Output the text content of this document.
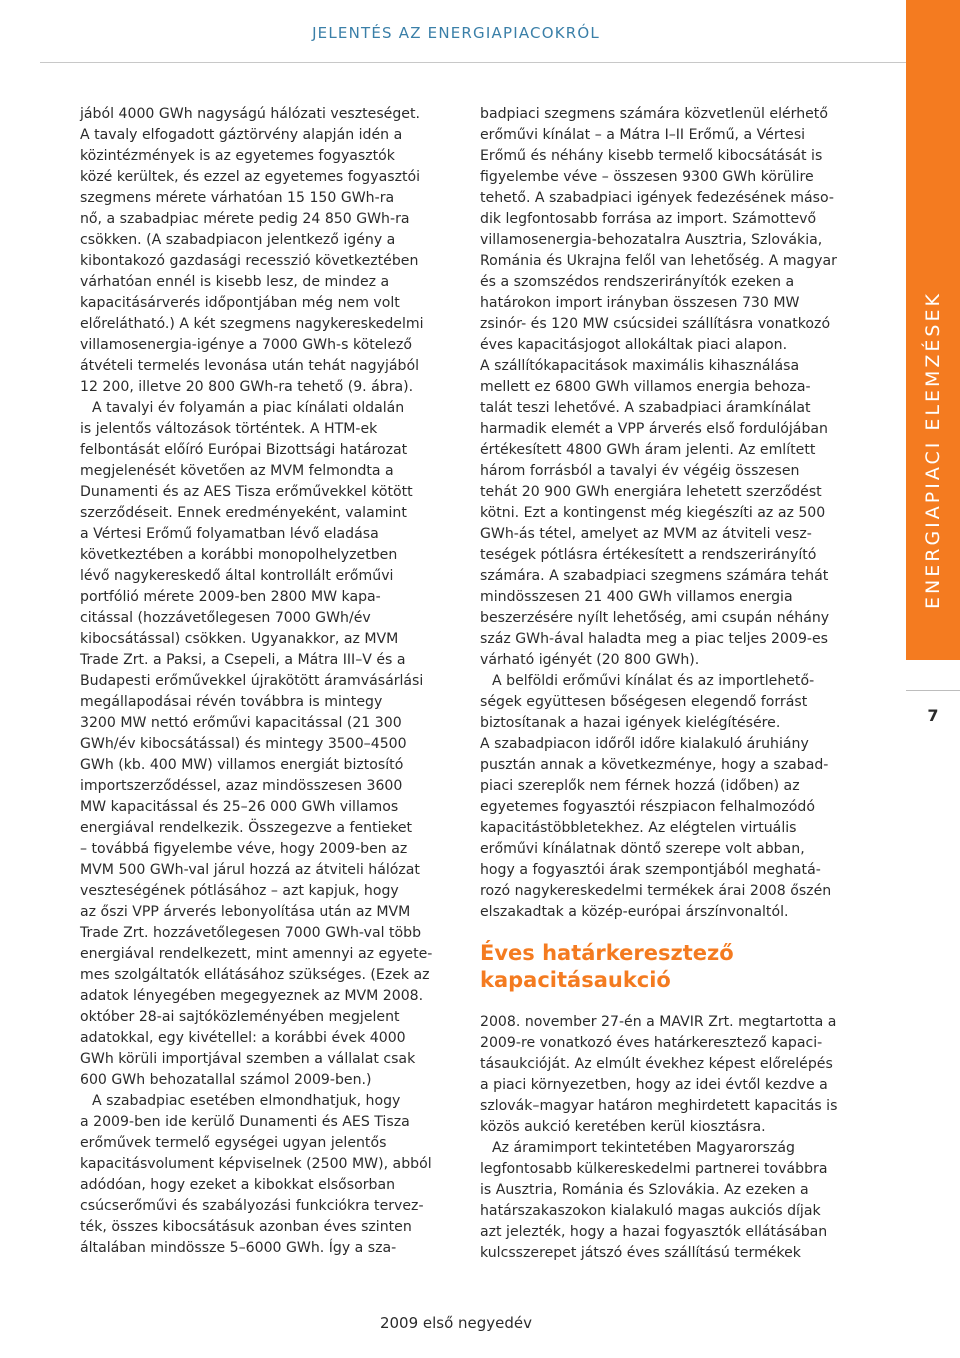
JELENTÉS AZ ENERGIAPIACOKRÓL
ENERGIAPIACI ELEMZÉSEK
7
jából 4000 GWh nagyságú hálózati veszteséget.
A tavaly elfogadott gáztörvény alapján idén a
közintézmények is az egyetemes fogyasztók
közé kerültek, és ezzel az egyetemes fogyasztói
szegmens mérete várhatóan 15 150 GWh-ra
nő, a szabadpiac mérete pedig 24 850 GWh-ra
csökken. (A szabadpiacon jelentkező igény a
kibontakozó gazdasági recesszió következtében
várhatóan ennél is kisebb lesz, de mindez a
kapacitásárverés időpontjában még nem volt
előrelátható.) A két szegmens nagykereskedelmi
villamosenergia-igénye a 7000 GWh-s kötelező
átvételi termelés levonása után tehát nagyjából
12 200, illetve 20 800 GWh-ra tehető (9. ábra).
A tavalyi év folyamán a piac kínálati oldalán
is jelentős változások történtek. A HTM-ek
felbontását előíró Európai Bizottsági határozat
megjelenését követően az MVM felmondta a
Dunamenti és az AES Tisza erőművekkel kötött
szerződéseit. Ennek eredményeként, valamint
a Vértesi Erőmű folyamatban lévő eladása
következtében a korábbi monopolhelyzetben
lévő nagykereskedő által kontrollált erőművi
portfólió mérete 2009-ben 2800 MW kapa-
citással (hozzávetőlegesen 7000 GWh/év
kibocsátással) csökken. Ugyanakkor, az MVM
Trade Zrt. a Paksi, a Csepeli, a Mátra III–V és a
Budapesti erőművekkel újrakötött áramvásárlási
megállapodásai révén továbbra is mintegy
3200 MW nettó erőművi kapacitással (21 300
GWh/év kibocsátással) és mintegy 3500–4500
GWh (kb. 400 MW) villamos energiát biztosító
importszerződéssel, azaz mindösszesen 3600
MW kapacitással és 25–26 000 GWh villamos
energiával rendelkezik. Összegezve a fentieket
– továbbá figyelembe véve, hogy 2009-ben az
MVM 500 GWh-val járul hozzá az átviteli hálózat
veszteségének pótlásához – azt kapjuk, hogy
az őszi VPP árverés lebonyolítása után az MVM
Trade Zrt. hozzávetőlegesen 7000 GWh-val több
energiával rendelkezett, mint amennyi az egyete-
mes szolgáltatók ellátásához szükséges. (Ezek az
adatok lényegében megegyeznek az MVM 2008.
október 28-ai sajtóközleményében megjelent
adatokkal, egy kivétellel: a korábbi évek 4000
GWh körüli importjával szemben a vállalat csak
600 GWh behozatallal számol 2009-ben.)
A szabadpiac esetében elmondhatjuk, hogy
a 2009-ben ide kerülő Dunamenti és AES Tisza
erőművek termelő egységei ugyan jelentős
kapacitásvolument képviselnek (2500 MW), abból
adódóan, hogy ezeket a kibokkat elsősorban
csúcserőművi és szabályozási funkciókra tervez-
ték, összes kibocsátásuk azonban éves szinten
általában mindössze 5–6000 GWh. Így a sza-
badpiaci szegmens számára közvetlenül elérhető
erőművi kínálat – a Mátra I–II Erőmű, a Vértesi
Erőmű és néhány kisebb termelő kibocsátását is
figyelembe véve – összesen 9300 GWh körülire
tehető. A szabadpiaci igények fedezésének máso-
dik legfontosabb forrása az import. Számottevő
villamosenergia-behozatalra Ausztria, Szlovákia,
Románia és Ukrajna felől van lehetőség. A magyar
és a szomszédos rendszerirányítók ezeken a
határokon import irányban összesen 730 MW
zsinór- és 120 MW csúcsidei szállításra vonatkozó
éves kapacitásjogot allokáltak piaci alapon.
A szállítókapacitások maximális kihasználása
mellett ez 6800 GWh villamos energia behoza-
talát teszi lehetővé. A szabadpiaci áramkínálat
harmadik elemét a VPP árverés első fordulójában
értékesített 4800 GWh áram jelenti. Az említett
három forrásból a tavalyi év végéig összesen
tehát 20 900 GWh energiára lehetett szerződést
kötni. Ezt a kontingenst még kiegészíti az az 500
GWh-ás tétel, amelyet az MVM az átviteli vesz-
teségek pótlásra értékesített a rendszerirányító
számára. A szabadpiaci szegmens számára tehát
mindösszesen 21 400 GWh villamos energia
beszerzésére nyílt lehetőség, ami csupán néhány
száz GWh-ával haladta meg a piac teljes 2009-es
várható igényét (20 800 GWh).
A belföldi erőművi kínálat és az importlehető-
ségek együttesen bőségesen elegendő forrást
biztosítanak a hazai igények kielégítésére.
A szabadpiacon időről időre kialakuló áruhiány
pusztán annak a következménye, hogy a szabad-
piaci szereplők nem férnek hozzá (időben) az
egyetemes fogyasztói részpiacon felhalmozódó
kapacitástöbbletekhez. Az elégtelen virtuális
erőművi kínálatnak döntő szerepe volt abban,
hogy a fogyasztói árak szempontjából meghatá-
rozó nagykereskedelmi termékek árai 2008 őszén
elszakadtak a közép-európai árszínvonaltól.
Éves határkeresztező
kapacitásaukció
2008. november 27-én a MAVIR Zrt. megtartotta a
2009-re vonatkozó éves határkeresztező kapaci-
tásaukcióját. Az elmúlt évekhez képest előrelépés
a piaci környezetben, hogy az idei évtől kezdve a
szlovák–magyar határon meghirdetett kapacitás is
közös aukció keretében kerül kiosztásra.
Az áramimport tekintetében Magyarország
legfontosabb külkereskedelmi partnerei továbbra
is Ausztria, Románia és Szlovákia. Az ezeken a
határszakaszokon kialakuló magas aukciós díjak
azt jelezték, hogy a hazai fogyasztók ellátásában
kulcsszerepet játszó éves szállítású termékek
2009 első negyedév
